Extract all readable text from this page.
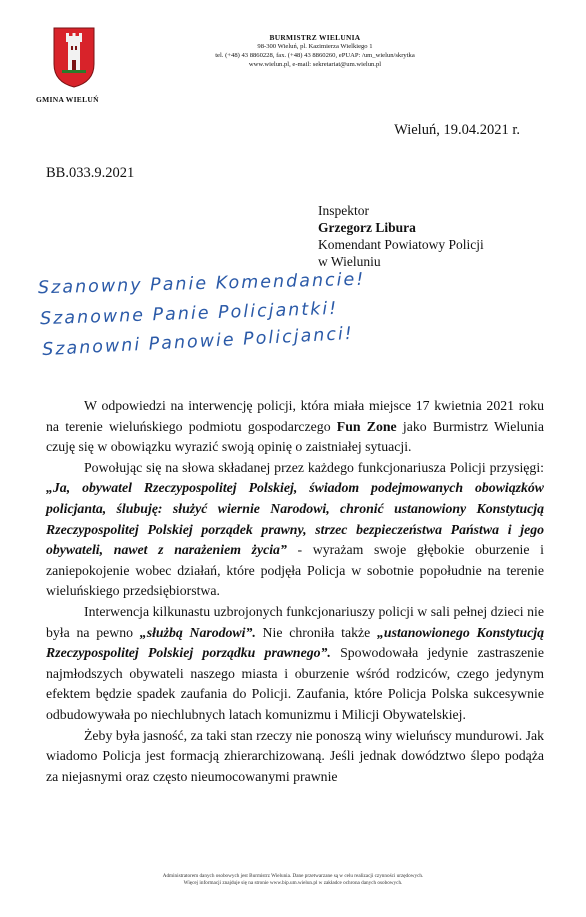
GMINA WIELUŃ
BURMISTRZ WIELUNIA
98-300 Wieluń, pl. Kazimierza Wielkiego 1
tel. (+48) 43 8860228, fax. (+48) 43 8860260, ePUAP: /um_wielun/skrytka
www.wielun.pl, e-mail: sekretariat@um.wielun.pl
Wieluń, 19.04.2021 r.
BB.033.9.2021
Inspektor
Grzegorz Libura
Komendant Powiatowy Policji
w Wieluniu
Szanowny Panie Komendancie!
Szanowne Panie Policjantki!
Szanowni Panowie Policjanci!

W odpowiedzi na interwencję policji, która miała miejsce 17 kwietnia 2021 roku na terenie wieluńskiego podmiotu gospodarczego Fun Zone jako Burmistrz Wielunia czuję się w obowiązku wyrazić swoją opinię o zaistniałej sytuacji.

Powołując się na słowa składanej przez każdego funkcjonariusza Policji przysięgi: „Ja, obywatel Rzeczypospolitej Polskiej, świadom podejmowanych obowiązków policjanta, ślubuję: służyć wiernie Narodowi, chronić ustanowiony Konstytucją Rzeczypospolitej Polskiej porządek prawny, strzec bezpieczeństwa Państwa i jego obywateli, nawet z narażeniem życia” - wyrażam swoje głębokie oburzenie i zaniepokojenie wobec działań, które podjęła Policja w sobotnie popołudnie na terenie wieluńskiego przedsiębiorstwa.

Interwencja kilkunastu uzbrojonych funkcjonariuszy policji w sali pełnej dzieci nie była na pewno „służbą Narodowi”. Nie chroniła także „ustanowionego Konstytucją Rzeczypospolitej Polskiej porządku prawnego”. Spowodowała jedynie zastraszenie najmłodszych obywateli naszego miasta i oburzenie wśród rodziców, czego jedynym efektem będzie spadek zaufania do Policji. Zaufania, które Policja Polska sukcesywnie odbudowywała po niechlubnych latach komunizmu i Milicji Obywatelskiej.

Żeby była jasność, za taki stan rzeczy nie ponoszą winy wieluńscy mundurowi. Jak wiadomo Policja jest formacją zhierarchizowaną. Jeśli jednak dowództwo ślepo podąża za niejasnymi oraz często nieumocowanymi prawnie

Administratorem danych osobowych jest Burmistrz Wielunia. Dane przetwarzane są w celu realizacji czynności urzędowych.
Więcej informacji znajduje się na stronie www.bip.um.wielun.pl w zakładce ochrona danych osobowych.
